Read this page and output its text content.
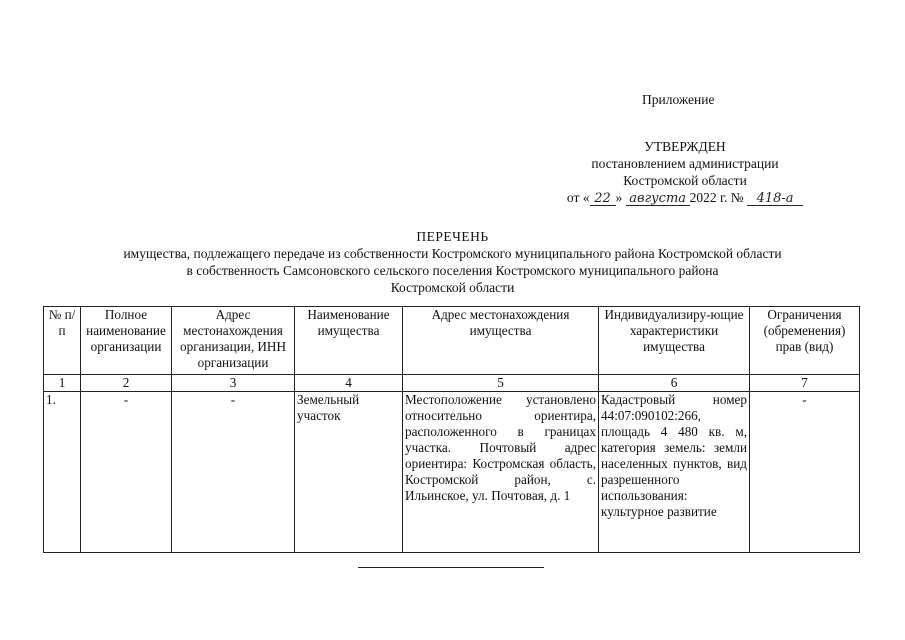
Приложение
УТВЕРЖДЕН
постановлением администрации
Костромской области
от « 22 » августа 2022 г. № 418-а
ПЕРЕЧЕНЬ
имущества, подлежащего передаче из собственности Костромского муниципального района Костромской области
в собственность Самсоновского сельского поселения Костромского муниципального района
Костромской области
№ п/п	Полное наименование организации	Адрес местонахождения организации, ИНН организации	Наименование имущества	Адрес местонахождения имущества	Индивидуализиру-ющие характеристики имущества	Ограничения (обременения) прав (вид)
1	2	3	4	5	6	7
1.	-	-	Земельный участок	Местоположение установлено относительно ориентира, расположенного в границах участка. Почтовый адрес ориентира: Костромская область, Костромской район, с. Ильинское, ул. Почтовая, д. 1	Кадастровый номер 44:07:090102:266, площадь 4 480 кв. м, категория земель: земли населенных пунктов, вид разрешенного использования: культурное развитие	-
